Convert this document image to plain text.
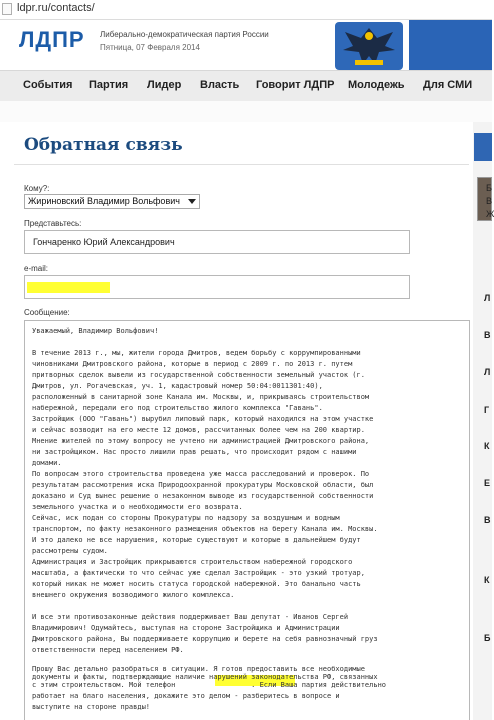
ldpr.ru/contacts/
ЛДПР Либерально-демократическая партия России
Пятница, 07 Февраля 2014
События Партия Лидер Власть Говорит ЛДПР Молодежь Для СМИ
Обратная связь
Б
В
Ж
Л
В
Л
Г
К
Е
В
К
Б
Кому?:
Жириновский Владимир Вольфович
Представьтесь:
Гончаренко Юрий Александрович
e-mail:
Сообщение:
Уважаемый, Владимир Вольфович!
В течение 2013 г., мы, жители города Дмитров, ведем борьбу с коррумпированными
чиновниками Дмитровского района, которые в период с 2009 г. по 2013 г. путем
притворных сделок вывели из государственной собственности земельный участок (г.
Дмитров, ул. Рогачевская, уч. 1, кадастровый номер 50:04:0011301:40),
расположенный в санитарной зоне Канала им. Москвы, и, прикрываясь строительством
набережной, передали его под строительство жилого комплекса "Гавань".
Застройщик (ООО "Гавань") вырубил липовый парк, который находился на этом участке
и сейчас возводит на его месте 12 домов, рассчитанных более чем на 200 квартир.
Мнение жителей по этому вопросу не учтено ни администрацией Дмитровского района,
ни застройщиком. Нас просто лишили прав решать, что происходит рядом с нашими
домами.
По вопросам этого строительства проведена уже масса расследований и проверок. По
результатам рассмотрения иска Природоохранной прокуратуры Московской области, был
доказано и Суд вынес решение о незаконном выводе из государственной собственности
земельного участка и о необходимости его возврата.
Сейчас, иск подан со стороны Прокуратуры по надзору за воздушным и водным
транспортом, по факту незаконного размещения объектов на берегу Канала им. Москвы.
И это далеко не все нарушения, которые существуют и которые в дальнейшем будут
рассмотрены судом.
Администрация и Застройщик прикрываются строительством набережной городского
масштаба, а фактически то что сейчас уже сделал Застройщик - это узкий тротуар,
который никак не может носить статуса городской набережной. Это банально часть
внешнего окружения возводимого жилого комплекса.
И все эти противозаконные действия поддерживает Ваш депутат - Иванов Сергей
Владимирович! Одумайтесь, выступая на стороне Застройщика и Администрации
Дмитровского района, Вы поддерживаете коррупцию и берете на себя равнозначный груз
ответственности перед населением РФ.
Прошу Вас детально разобраться в ситуации. Я готов предоставить все необходимые
документы и факты, подтверждающие наличие нарушений законодательства РФ, связанных
с этим строительством. Мой телефон                  . Если Ваша партия действительно
работает на благо населения, докажите это делом - разберитесь в вопросе и
выступите на стороне правды!
